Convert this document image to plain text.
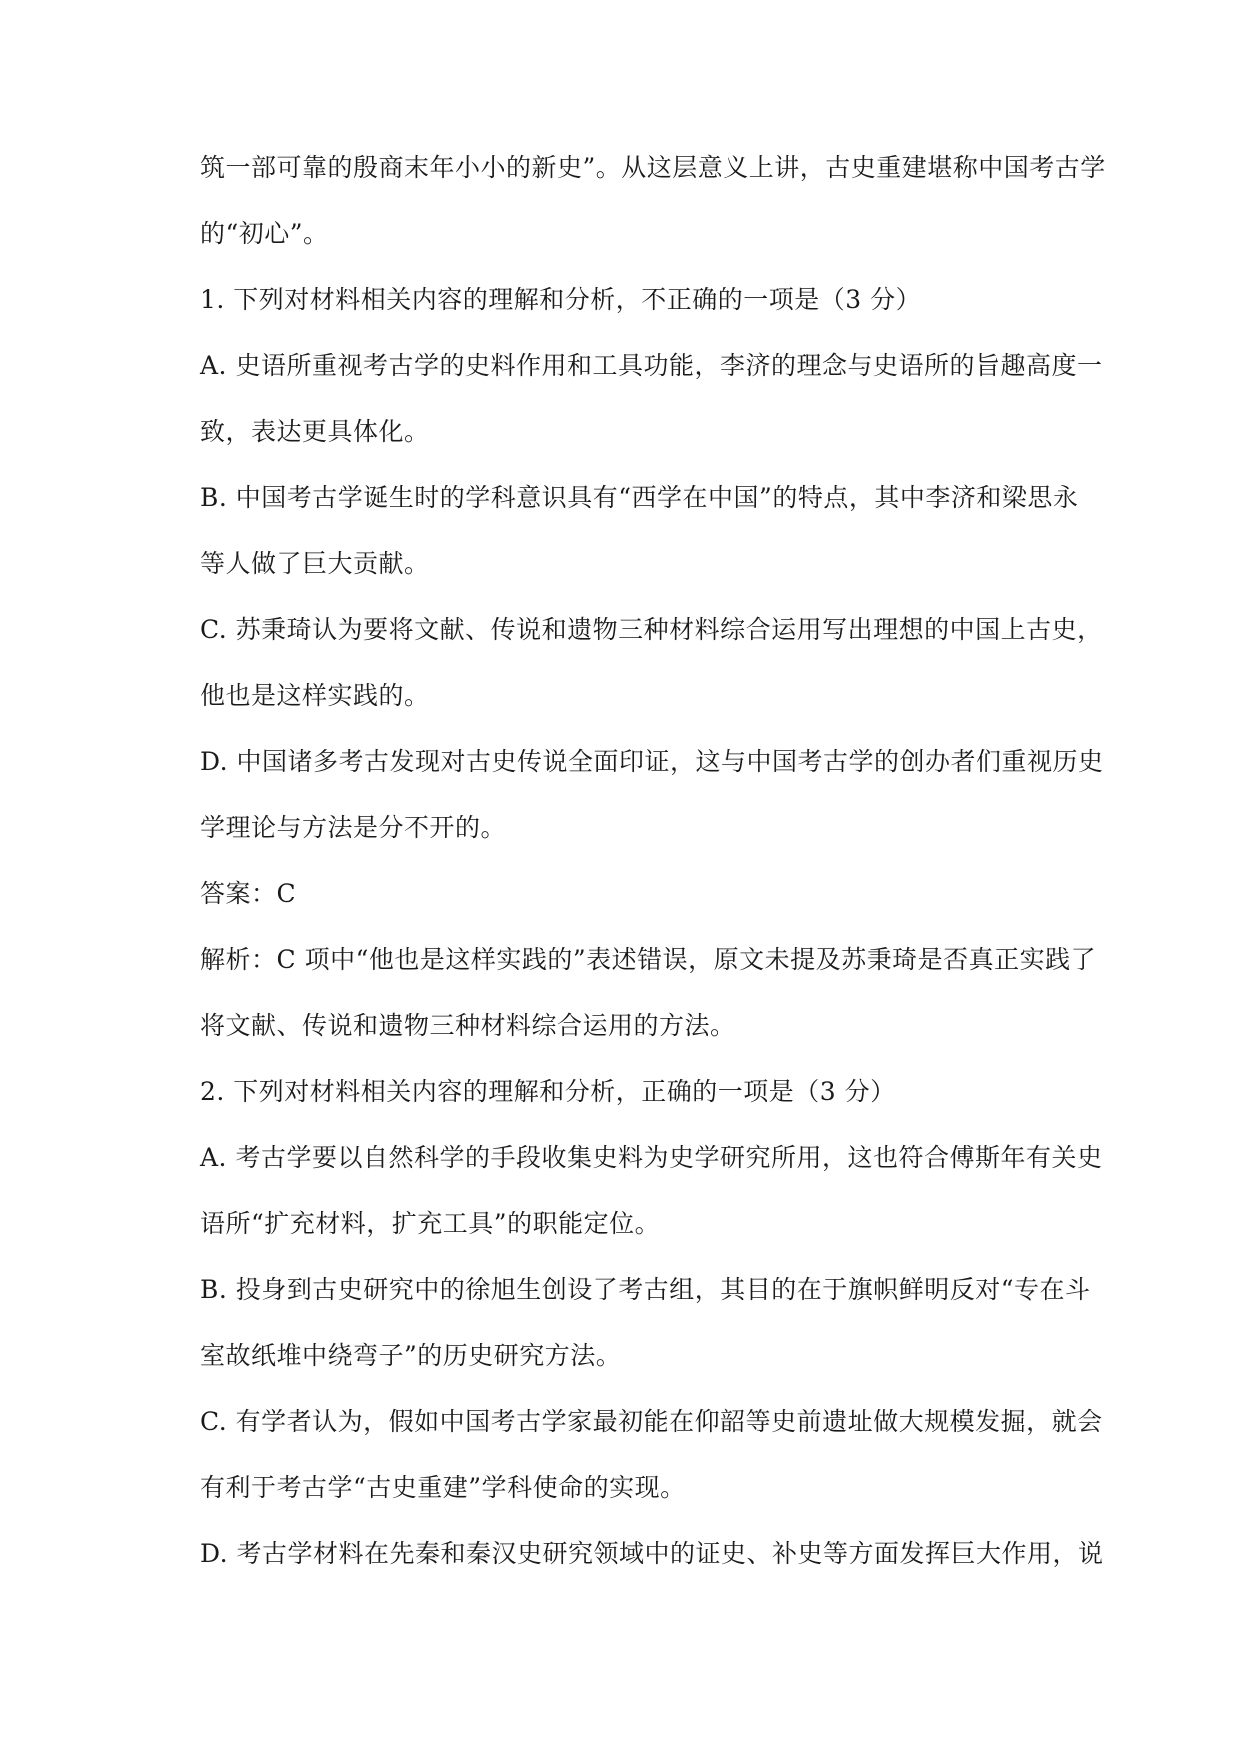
筑一部可靠的殷商末年小小的新史”。从这层意义上讲，古史重建堪称中国考古学
的“初心”。
1. 下列对材料相关内容的理解和分析，不正确的一项是（3 分）
A. 史语所重视考古学的史料作用和工具功能，李济的理念与史语所的旨趣高度一
致，表达更具体化。
B. 中国考古学诞生时的学科意识具有“西学在中国”的特点，其中李济和梁思永
等人做了巨大贡献。
C. 苏秉琦认为要将文献、传说和遗物三种材料综合运用写出理想的中国上古史，
他也是这样实践的。
D. 中国诸多考古发现对古史传说全面印证，这与中国考古学的创办者们重视历史
学理论与方法是分不开的。
答案：C
解析：C 项中“他也是这样实践的”表述错误，原文未提及苏秉琦是否真正实践了
将文献、传说和遗物三种材料综合运用的方法。
2. 下列对材料相关内容的理解和分析，正确的一项是（3 分）
A. 考古学要以自然科学的手段收集史料为史学研究所用，这也符合傅斯年有关史
语所“扩充材料，扩充工具”的职能定位。
B. 投身到古史研究中的徐旭生创设了考古组，其目的在于旗帜鲜明反对“专在斗
室故纸堆中绕弯子”的历史研究方法。
C. 有学者认为，假如中国考古学家最初能在仰韶等史前遗址做大规模发掘，就会
有利于考古学“古史重建”学科使命的实现。
D. 考古学材料在先秦和秦汉史研究领域中的证史、补史等方面发挥巨大作用，说
